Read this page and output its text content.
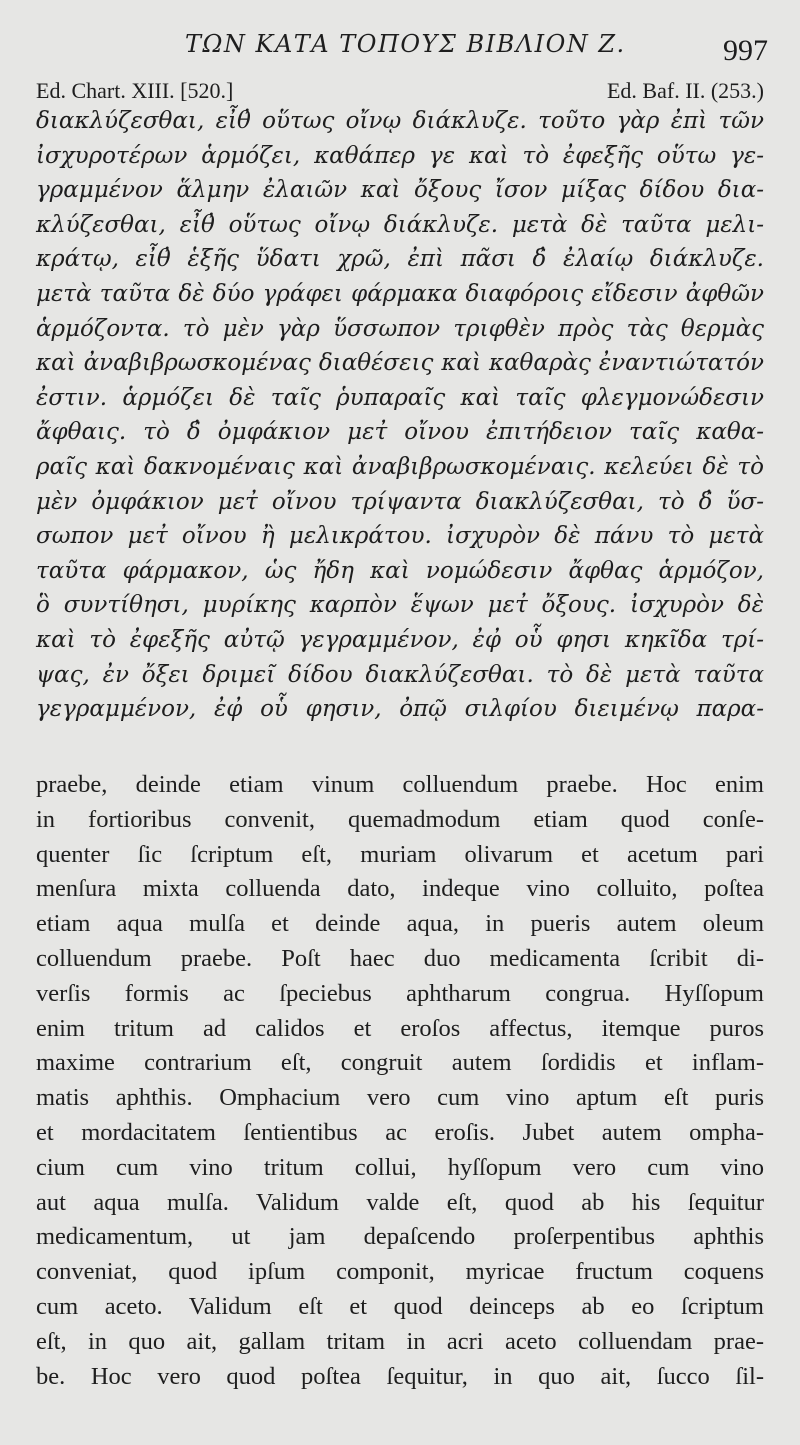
ΤΩΝ ΚΑΤΑ ΤΟΠΟΥΣ ΒΙΒΛΙΟΝ Ζ.	997
Ed. Chart. XIII. [520.]	Ed. Baf. II. (253.)
διακλύζεσθαι, εἶθ̓ οὕτως οἴνῳ διάκλυζε. τοῦτο γὰρ ἐπὶ τῶν
ἰσχυροτέρων ἁρμόζει, καθάπερ γε καὶ τὸ ἐφεξῆς οὕτω γε-
γραμμένον ἅλμην ἐλαιῶν καὶ ὄξους ἴσον μίξας δίδου δια-
κλύζεσθαι, εἶθ̓ οὕτως οἴνῳ διάκλυζε. μετὰ δὲ ταῦτα μελι-
κράτῳ, εἶθ̓ ἑξῆς ὕδατι χρῶ, ἐπὶ πᾶσι δ̓ ἐλαίῳ διάκλυζε.
μετὰ ταῦτα δὲ δύο γράφει φάρμακα διαφόροις εἴδεσιν ἀφθῶν
ἁρμόζοντα. τὸ μὲν γὰρ ὕσσωπον τριφθὲν πρὸς τὰς θερμὰς
καὶ ἀναβιβρωσκομένας διαθέσεις καὶ καθαρὰς ἐναντιώτατόν
ἐστιν. ἁρμόζει δὲ ταῖς ῥυπαραῖς καὶ ταῖς φλεγμονώδεσιν
ἄφθαις. τὸ δ̓ ὀμφάκιον μετ̓ οἴνου ἐπιτήδειον ταῖς καθα-
ραῖς καὶ δακνομέναις καὶ ἀναβιβρωσκομέναις. κελεύει δὲ τὸ
μὲν ὀμφάκιον μετ̓ οἴνου τρίψαντα διακλύζεσθαι, τὸ δ̓ ὕσ-
σωπον μετ̓ οἴνου ἢ μελικράτου. ἰσχυρὸν δὲ πάνυ τὸ μετὰ
ταῦτα φάρμακον, ὡς ἤδη καὶ νομώδεσιν ἄφθας ἁρμόζον,
ὃ συντίθησι, μυρίκης καρπὸν ἕψων μετ̓ ὄξους. ἰσχυρὸν δὲ
καὶ τὸ ἐφεξῆς αὐτῷ γεγραμμένον, ἐφ̓ οὗ φησι κηκῖδα τρί-
ψας, ἐν ὄξει δριμεῖ δίδου διακλύζεσθαι. τὸ δὲ μετὰ ταῦτα
γεγραμμένον, ἐφ̓ οὗ φησιν, ὀπῷ σιλφίου διειμένῳ παρα-
praebe, deinde etiam vinum colluendum praebe. Hoc enim
in fortioribus convenit, quemadmodum etiam quod conſe-
quenter ſic ſcriptum eſt, muriam olivarum et acetum pari
menſura mixta colluenda dato, indeque vino colluito, poſtea
etiam aqua mulſa et deinde aqua, in pueris autem oleum
colluendum praebe. Poſt haec duo medicamenta ſcribit di-
verſis formis ac ſpeciebus aphtharum congrua. Hyſſopum
enim tritum ad calidos et eroſos affectus, itemque puros
maxime contrarium eſt, congruit autem ſordidis et inflam-
matis aphthis. Omphacium vero cum vino aptum eſt puris
et mordacitatem ſentientibus ac eroſis. Jubet autem ompha-
cium cum vino tritum collui, hyſſopum vero cum vino
aut aqua mulſa. Validum valde eſt, quod ab his ſequitur
medicamentum, ut jam depaſcendo proſerpentibus aphthis
conveniat, quod ipſum componit, myricae fructum coquens
cum aceto. Validum eſt et quod deinceps ab eo ſcriptum
eſt, in quo ait, gallam tritam in acri aceto colluendam prae-
be. Hoc vero quod poſtea ſequitur, in quo ait, ſucco ſil-
